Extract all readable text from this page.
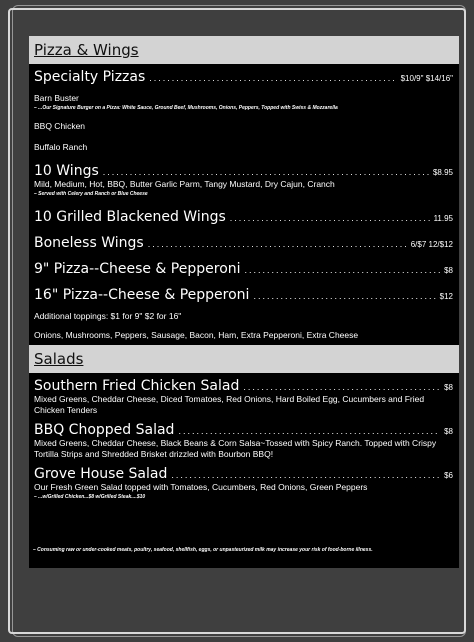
Pizza & Wings
Specialty Pizzas .....	$10/9" $14/16"
Barn Buster
– ...Our Signature Burger on a Pizza: White Sauce, Ground Beef, Mushrooms, Onions, Peppers, Topped with Swiss & Mozzarella
BBQ Chicken
Buffalo Ranch
10 Wings .....	$8.95
Mild, Medium, Hot, BBQ, Butter Garlic Parm, Tangy Mustard, Dry Cajun, Cranch
– Served with Celery and Ranch or Blue Cheese
10 Grilled Blackened Wings .....	11.95
Boneless Wings .....	6/$7 12/$12
9" Pizza--Cheese & Pepperoni .....	$8
16" Pizza--Cheese & Pepperoni .....	$12
Additional toppings: $1 for 9" $2 for 16"
Onions, Mushrooms, Peppers, Sausage, Bacon, Ham, Extra Pepperoni, Extra Cheese
Salads
Southern Fried Chicken Salad .....	$8
Mixed Greens, Cheddar Cheese, Diced Tomatoes, Red Onions, Hard Boiled Egg, Cucumbers and Fried Chicken Tenders
BBQ Chopped Salad .....	$8
Mixed Greens, Cheddar Cheese, Black Beans & Corn Salsa~Tossed with Spicy Ranch. Topped with Crispy Tortilla Strips and Shredded Brisket drizzled with Bourbon BBQ!
Grove House Salad .....	$6
Our Fresh Green Salad topped with Tomatoes, Cucumbers, Red Onions, Green Peppers
– ...w/Grilled Chicken...$8 w/Grilled Steak....$10
– Consuming raw or under-cooked meats, poultry, seafood, shellfish, eggs, or unpasteurized milk may increase your risk of food-borne illness.
